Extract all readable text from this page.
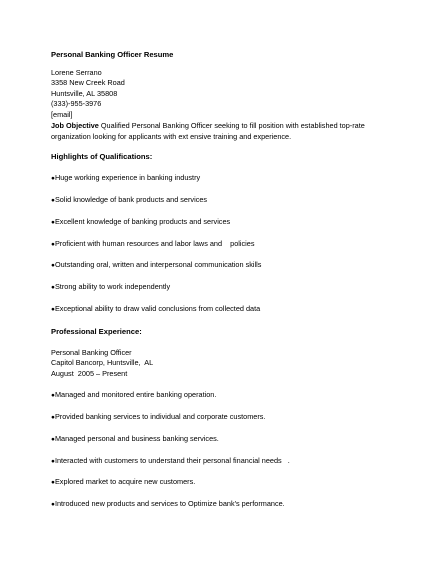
Personal Banking Officer Resume

Lorene Serrano

3358 New Creek Road

Huntsville, AL 35808

(333)-955-3976

[email]

Job Objective Qualified Personal Banking Officer seeking to fill position with established top-rate organization looking for applicants with ext ensive training and experience.

Highlights of Qualifications:

●Huge working experience in banking industry
●Solid knowledge of bank products and services
●Excellent knowledge of banking products and services
●Proficient with human resources and labor laws and    policies
●Outstanding oral, written and interpersonal communication skills
●Strong ability to work independently
●Exceptional ability to draw valid conclusions from collected data

Professional Experience:

Personal Banking Officer

Capitol Bancorp, Huntsville,  AL

August  2005 – Present

●Managed and monitored entire banking operation.
●Provided banking services to individual and corporate customers.
●Managed personal and business banking services.
●Interacted with customers to understand their personal financial needs   .
●Explored market to acquire new customers.
●Introduced new products and services to Optimize bank's performance.
